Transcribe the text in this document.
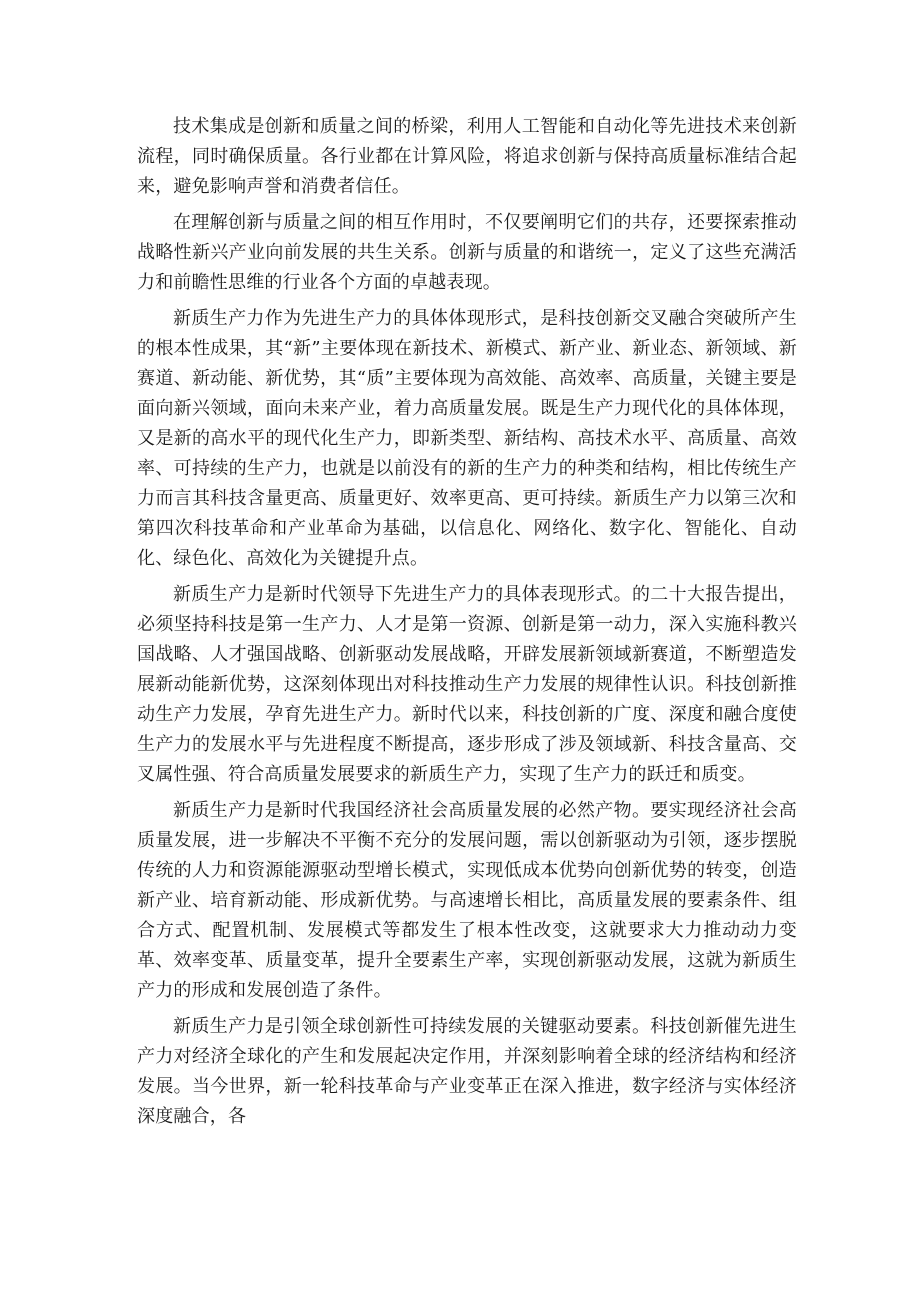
技术集成是创新和质量之间的桥梁，利用人工智能和自动化等先进技术来创新流程，同时确保质量。各行业都在计算风险，将追求创新与保持高质量标准结合起来，避免影响声誉和消费者信任。

在理解创新与质量之间的相互作用时，不仅要阐明它们的共存，还要探索推动战略性新兴产业向前发展的共生关系。创新与质量的和谐统一，定义了这些充满活力和前瞻性思维的行业各个方面的卓越表现。

新质生产力作为先进生产力的具体体现形式，是科技创新交叉融合突破所产生的根本性成果，其“新”主要体现在新技术、新模式、新产业、新业态、新领域、新赛道、新动能、新优势，其“质”主要体现为高效能、高效率、高质量，关键主要是面向新兴领域，面向未来产业，着力高质量发展。既是生产力现代化的具体体现，又是新的高水平的现代化生产力，即新类型、新结构、高技术水平、高质量、高效率、可持续的生产力，也就是以前没有的新的生产力的种类和结构，相比传统生产力而言其科技含量更高、质量更好、效率更高、更可持续。新质生产力以第三次和第四次科技革命和产业革命为基础，以信息化、网络化、数字化、智能化、自动化、绿色化、高效化为关键提升点。

新质生产力是新时代领导下先进生产力的具体表现形式。的二十大报告提出，必须坚持科技是第一生产力、人才是第一资源、创新是第一动力，深入实施科教兴国战略、人才强国战略、创新驱动发展战略，开辟发展新领域新赛道，不断塑造发展新动能新优势，这深刻体现出对科技推动生产力发展的规律性认识。科技创新推动生产力发展，孕育先进生产力。新时代以来，科技创新的广度、深度和融合度使生产力的发展水平与先进程度不断提高，逐步形成了涉及领域新、科技含量高、交叉属性强、符合高质量发展要求的新质生产力，实现了生产力的跃迁和质变。

新质生产力是新时代我国经济社会高质量发展的必然产物。要实现经济社会高质量发展，进一步解决不平衡不充分的发展问题，需以创新驱动为引领，逐步摆脱传统的人力和资源能源驱动型增长模式，实现低成本优势向创新优势的转变，创造新产业、培育新动能、形成新优势。与高速增长相比，高质量发展的要素条件、组合方式、配置机制、发展模式等都发生了根本性改变，这就要求大力推动动力变革、效率变革、质量变革，提升全要素生产率，实现创新驱动发展，这就为新质生产力的形成和发展创造了条件。

新质生产力是引领全球创新性可持续发展的关键驱动要素。科技创新催先进生产力对经济全球化的产生和发展起决定作用，并深刻影响着全球的经济结构和经济发展。当今世界，新一轮科技革命与产业变革正在深入推进，数字经济与实体经济深度融合，各
